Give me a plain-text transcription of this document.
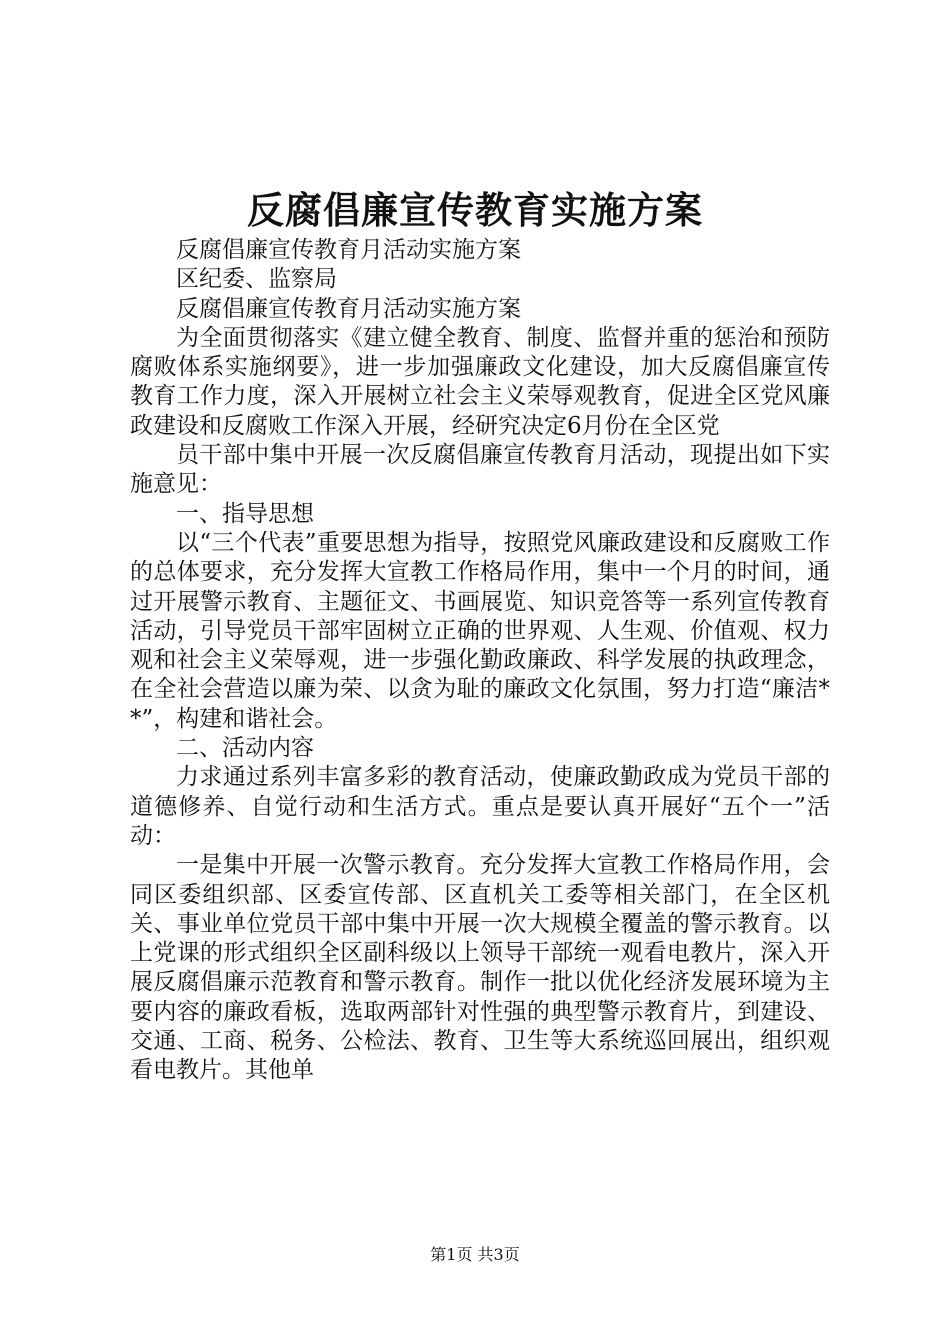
反腐倡廉宣传教育实施方案

反腐倡廉宣传教育月活动实施方案

区纪委、监察局

反腐倡廉宣传教育月活动实施方案

为全面贯彻落实《建立健全教育、制度、监督并重的惩治和预防腐败体系实施纲要》，进一步加强廉政文化建设，加大反腐倡廉宣传教育工作力度，深入开展树立社会主义荣辱观教育，促进全区党风廉政建设和反腐败工作深入开展，经研究决定6月份在全区党

员干部中集中开展一次反腐倡廉宣传教育月活动，现提出如下实施意见：

一、指导思想

以“三个代表”重要思想为指导，按照党风廉政建设和反腐败工作的总体要求，充分发挥大宣教工作格局作用，集中一个月的时间，通过开展警示教育、主题征文、书画展览、知识竞答等一系列宣传教育活动，引导党员干部牢固树立正确的世界观、人生观、价值观、权力观和社会主义荣辱观，进一步强化勤政廉政、科学发展的执政理念，在全社会营造以廉为荣、以贪为耻的廉政文化氛围，努力打造“廉洁**”，构建和谐社会。

二、活动内容

力求通过系列丰富多彩的教育活动，使廉政勤政成为党员干部的道德修养、自觉行动和生活方式。重点是要认真开展好“五个一”活动：

一是集中开展一次警示教育。充分发挥大宣教工作格局作用，会同区委组织部、区委宣传部、区直机关工委等相关部门，在全区机关、事业单位党员干部中集中开展一次大规模全覆盖的警示教育。以上党课的形式组织全区副科级以上领导干部统一观看电教片，深入开展反腐倡廉示范教育和警示教育。制作一批以优化经济发展环境为主要内容的廉政看板，选取两部针对性强的典型警示教育片，到建设、交通、工商、税务、公检法、教育、卫生等大系统巡回展出，组织观看电教片。其他单

第1页 共3页
